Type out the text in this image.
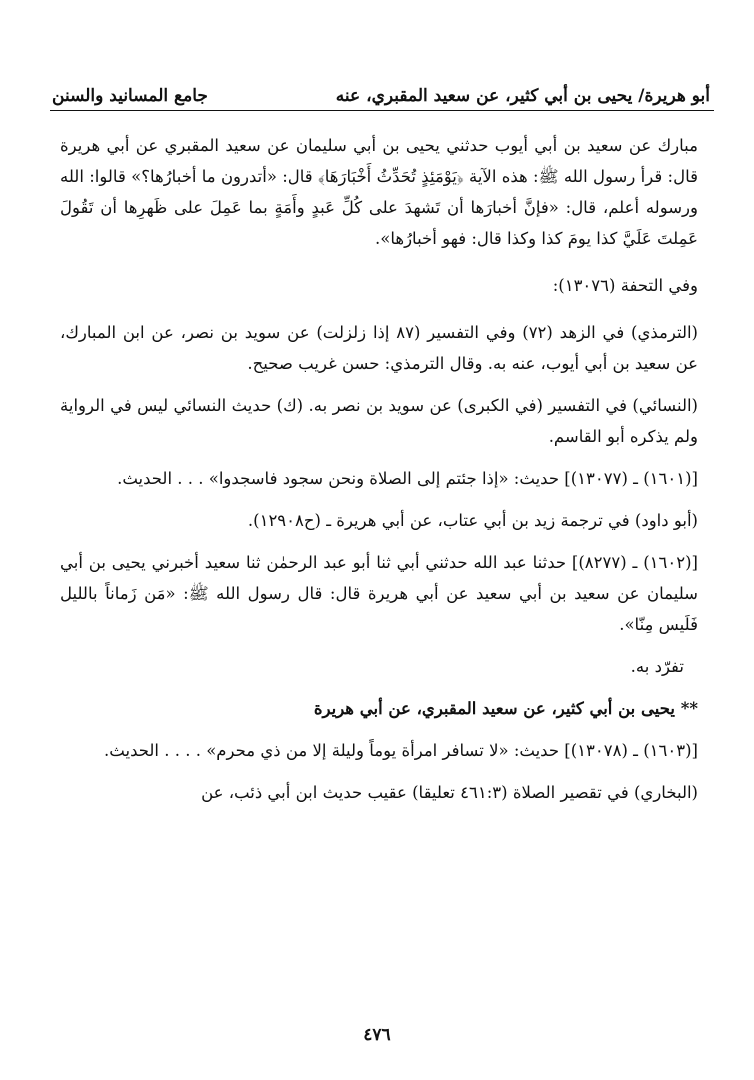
أبو هريرة/ يحيى بن أبي كثير، عن سعيد المقبري، عنه
جامع المسانيد والسنن

مبارك عن سعيد بن أبي أيوب حدثني يحيى بن أبي سليمان عن سعيد المقبري عن أبي هريرة قال: قرأ رسول الله ﷺ: هذه الآية ﴿يَوْمَئِذٍ تُحَدِّثُ أَخْبَارَهَا﴾ قال: «أتدرون ما أخبارُها؟» قالوا: الله ورسوله أعلم، قال: «فإنَّ أخبارَها أن تَشهدَ على كُلِّ عَبدٍ وأَمَةٍ بما عَمِلَ على ظَهرِها أن تَقُولَ عَمِلتَ عَلَيَّ كذا يومَ كذا وكذا قال: فهو أخبارُها».

وفي التحفة (١٣٠٧٦):

(الترمذي) في الزهد (٧٢) وفي التفسير (٨٧ إذا زلزلت) عن سويد بن نصر، عن ابن المبارك، عن سعيد بن أبي أيوب، عنه به. وقال الترمذي: حسن غريب صحيح.

(النسائي) في التفسير (في الكبرى) عن سويد بن نصر به. (ك) حديث النسائي ليس في الرواية ولم يذكره أبو القاسم.

[(١٦٠١) ـ (١٣٠٧٧)] حديث: «إذا جئتم إلى الصلاة ونحن سجود فاسجدوا» . . . الحديث.

(أبو داود) في ترجمة زيد بن أبي عتاب، عن أبي هريرة ـ (ح١٢٩٠٨).

[(١٦٠٢) ـ (٨٢٧٧)] حدثنا عبد الله حدثني أبي ثنا أبو عبد الرحمٰن ثنا سعيد أخبرني يحيى بن أبي سليمان عن سعيد بن أبي سعيد عن أبي هريرة قال: قال رسول الله ﷺ: «مَن زَماناً بالليل فَلَيس مِنّا».

تفرّد به.

** يحيى بن أبي كثير، عن سعيد المقبري، عن أبي هريرة

[(١٦٠٣) ـ (١٣٠٧٨)] حديث: «لا تسافر امرأة يوماً وليلة إلا من ذي محرم» . . . . الحديث.

(البخاري) في تقصير الصلاة (٤٦١:٣ تعليقا) عقيب حديث ابن أبي ذئب، عن

٤٧٦
